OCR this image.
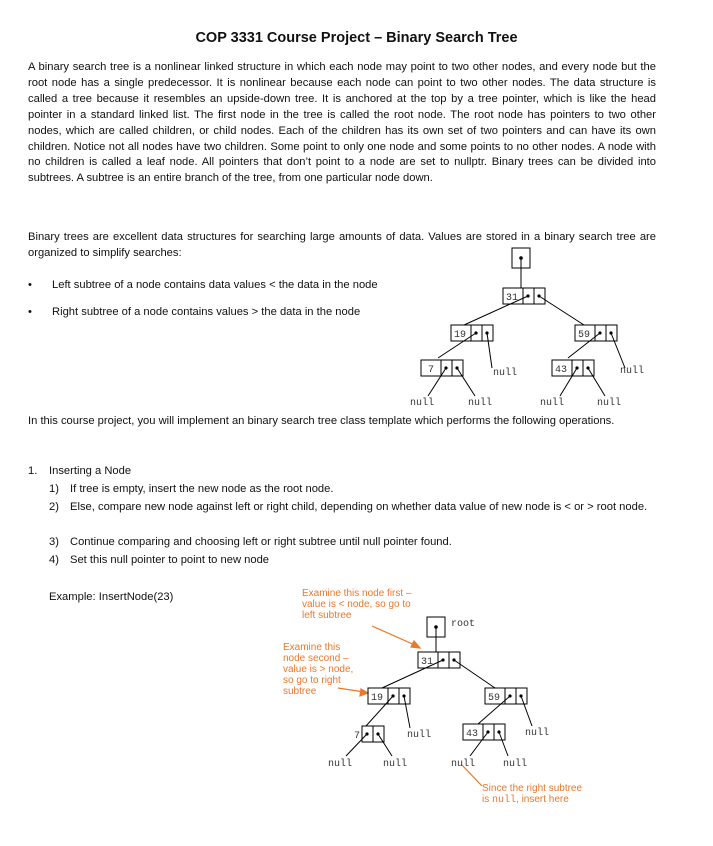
COP 3331 Course Project – Binary Search Tree

A binary search tree is a nonlinear linked structure in which each node may point to two other nodes, and every node but the root node has a single predecessor. It is nonlinear because each node can point to two other nodes. The data structure is called a tree because it resembles an upside-down tree. It is anchored at the top by a tree pointer, which is like the head pointer in a standard linked list. The first node in the tree is called the root node. The root node has pointers to two other nodes, which are called children, or child nodes. Each of the children has its own set of two pointers and can have its own children. Notice not all nodes have two children. Some point to only one node and some points to no other nodes. A node with no children is called a leaf node. All pointers that don’t point to a node are set to nullptr. Binary trees can be divided into subtrees. A subtree is an entire branch of the tree, from one particular node down.

Binary trees are excellent data structures for searching large amounts of data. Values are stored in a binary search tree are organized to simplify searches:

• Left subtree of a node contains data values < the data in the node
• Right subtree of a node contains values > the data in the node
31
19	59
7	43
null	null
null	null	null	null

In this course project, you will implement an binary search tree class template which performs the following operations.

1. Inserting a Node
1) If tree is empty, insert the new node as the root node.
2) Else, compare new node against left or right child, depending on whether data value of new node is < or > root node.
3) Continue comparing and choosing left or right subtree until null pointer found.
4) Set this null pointer to point to new node
Example: InsertNode(23)	Examine this node first –
value is < node, so go to
left subtree
Examine this
node second –
value is > node,
so go to right
subtree
root
31
19	59
7	43
null	null
null	null	null	null
Since the right subtree
is null, insert here
